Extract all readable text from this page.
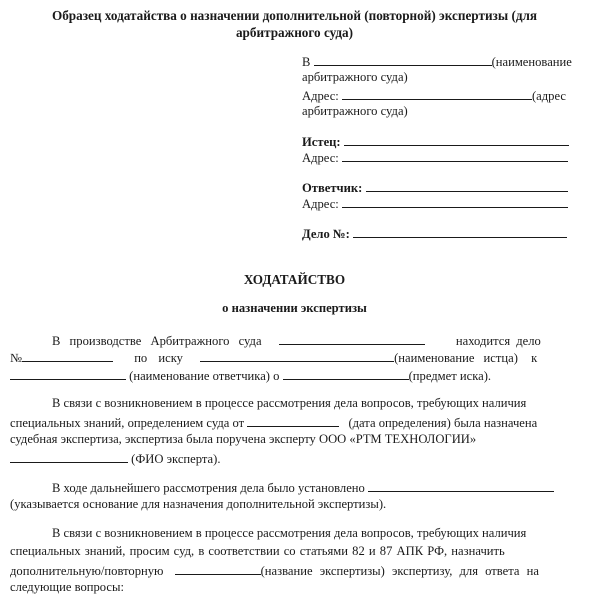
Образец ходатайства о назначении дополнительной (повторной) экспертизы (для
арбитражного суда)
В	(наименование
арбитражного суда)
Адрес:	(адрес
арбитражного суда)
Истец:
Адрес:
Ответчик:
Адрес:
Дело №:
ХОДАТАЙСТВО
о назначении экспертизы
В производстве Арбитражного суда	находится дело
№	по иску	(наименование истца) к
(наименование ответчика) о	(предмет иска).
В связи с возникновением в процессе рассмотрения дела вопросов, требующих наличия
специальных знаний, определением суда от	(дата определения) была назначена
судебная экспертиза, экспертиза была поручена эксперту ООО «РТМ ТЕХНОЛОГИИ»
(ФИО эксперта).
В ходе дальнейшего рассмотрения дела было установлено
(указывается основание для назначения дополнительной экспертизы).
В связи с возникновением в процессе рассмотрения дела вопросов, требующих наличия
специальных знаний, просим суд, в соответствии со статьями 82 и 87 АПК РФ, назначить
дополнительную/повторную	(название экспертизы) экспертизу, для ответа на
следующие вопросы:
